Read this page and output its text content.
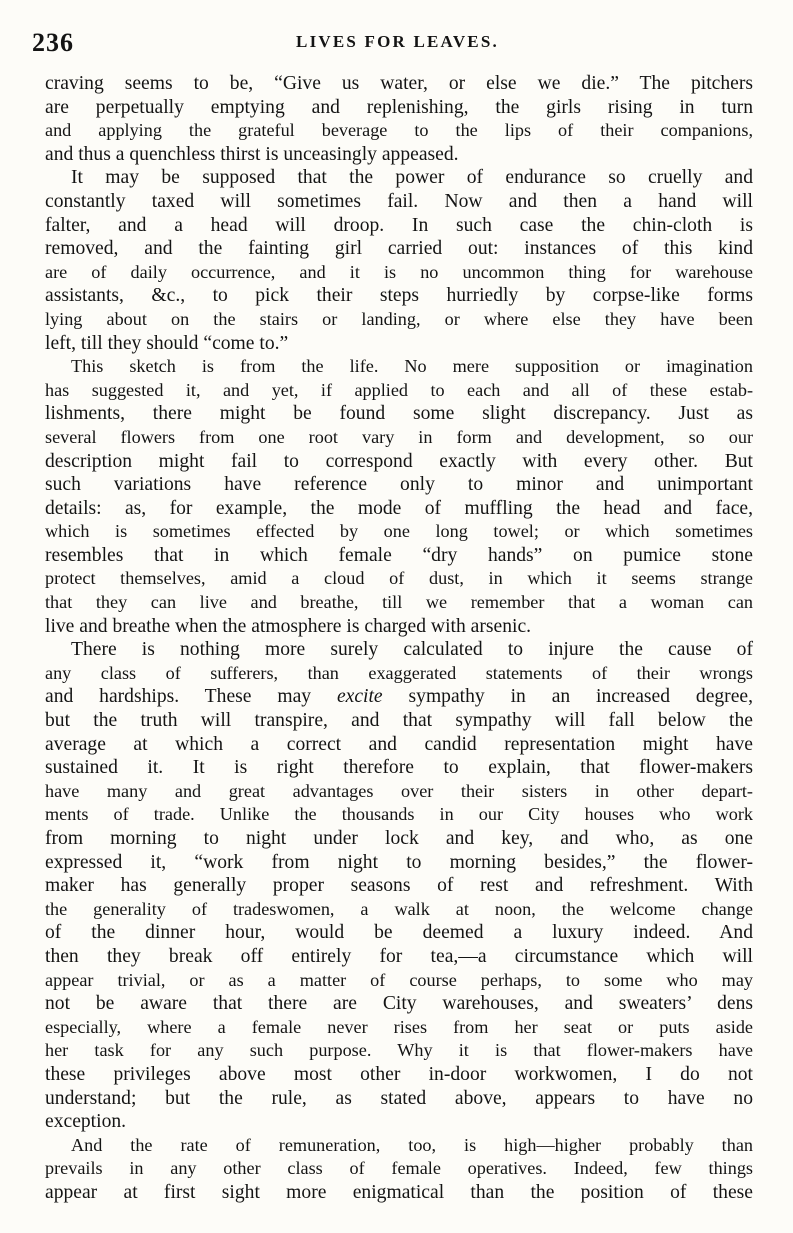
236	LIVES FOR LEAVES.
craving seems to be, “Give us water, or else we die.” The pitchers
are perpetually emptying and replenishing, the girls rising in turn
and applying the grateful beverage to the lips of their companions,
and thus a quenchless thirst is unceasingly appeased.
It may be supposed that the power of endurance so cruelly and
constantly taxed will sometimes fail. Now and then a hand will
falter, and a head will droop. In such case the chin-cloth is
removed, and the fainting girl carried out: instances of this kind
are of daily occurrence, and it is no uncommon thing for warehouse
assistants, &c., to pick their steps hurriedly by corpse-like forms
lying about on the stairs or landing, or where else they have been
left, till they should “come to.”
This sketch is from the life. No mere supposition or imagination
has suggested it, and yet, if applied to each and all of these estab-
lishments, there might be found some slight discrepancy. Just as
several flowers from one root vary in form and development, so our
description might fail to correspond exactly with every other. But
such variations have reference only to minor and unimportant
details: as, for example, the mode of muffling the head and face,
which is sometimes effected by one long towel; or which sometimes
resembles that in which female “dry hands” on pumice stone
protect themselves, amid a cloud of dust, in which it seems strange
that they can live and breathe, till we remember that a woman can
live and breathe when the atmosphere is charged with arsenic.
There is nothing more surely calculated to injure the cause of
any class of sufferers, than exaggerated statements of their wrongs
and hardships. These may excite sympathy in an increased degree,
but the truth will transpire, and that sympathy will fall below the
average at which a correct and candid representation might have
sustained it. It is right therefore to explain, that flower-makers
have many and great advantages over their sisters in other depart-
ments of trade. Unlike the thousands in our City houses who work
from morning to night under lock and key, and who, as one
expressed it, “work from night to morning besides,” the flower-
maker has generally proper seasons of rest and refreshment. With
the generality of tradeswomen, a walk at noon, the welcome change
of the dinner hour, would be deemed a luxury indeed. And
then they break off entirely for tea,—a circumstance which will
appear trivial, or as a matter of course perhaps, to some who may
not be aware that there are City warehouses, and sweaters’ dens
especially, where a female never rises from her seat or puts aside
her task for any such purpose. Why it is that flower-makers have
these privileges above most other in-door workwomen, I do not
understand; but the rule, as stated above, appears to have no
exception.
And the rate of remuneration, too, is high—higher probably than
prevails in any other class of female operatives. Indeed, few things
appear at first sight more enigmatical than the position of these
